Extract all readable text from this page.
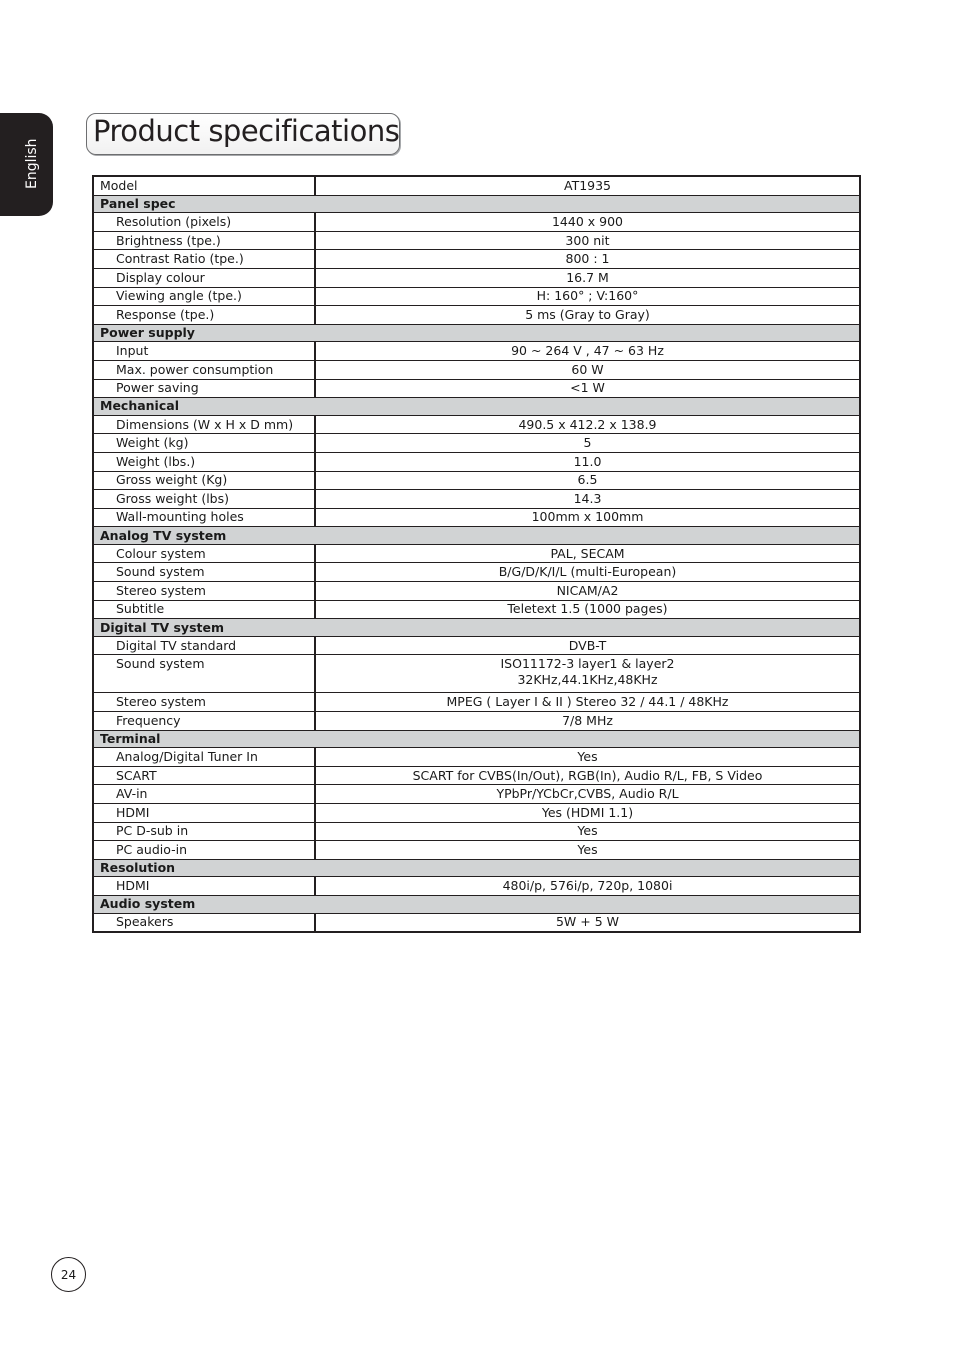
English
Product specifications
Model	AT1935
Panel spec	
Resolution (pixels)	1440 x 900
Brightness (tpe.)	300 nit
Contrast Ratio (tpe.)	800 : 1
Display colour	16.7 M
Viewing angle (tpe.)	H: 160° ; V:160°
Response (tpe.)	5 ms (Gray to Gray)
Power supply	
Input	90 ~ 264 V , 47 ~ 63 Hz
Max. power consumption	60 W
Power saving	<1 W
Mechanical	
Dimensions (W x H x D mm)	490.5 x 412.2 x 138.9
Weight (kg)	5
Weight (lbs.)	11.0
Gross weight (Kg)	6.5
Gross weight (lbs)	14.3
Wall-mounting holes	100mm x 100mm
Analog TV system	
Colour system	PAL, SECAM
Sound system	B/G/D/K/I/L (multi-European)
Stereo system	NICAM/A2
Subtitle	Teletext 1.5 (1000 pages)
Digital TV system	
Digital TV standard	DVB-T
Sound system	ISO11172-3 layer1 & layer2
32KHz,44.1KHz,48KHz

Stereo system	MPEG ( Layer I & II ) Stereo 32 / 44.1 / 48KHz
Frequency	7/8 MHz
Terminal	
Analog/Digital Tuner In	Yes
SCART	SCART for CVBS(In/Out), RGB(In), Audio R/L, FB, S Video
AV-in	YPbPr/YCbCr,CVBS, Audio R/L
HDMI	Yes (HDMI 1.1)
PC D-sub in	Yes
PC audio-in	Yes
Resolution	
HDMI	480i/p, 576i/p, 720p, 1080i
Audio system	
Speakers	5W + 5 W
24
